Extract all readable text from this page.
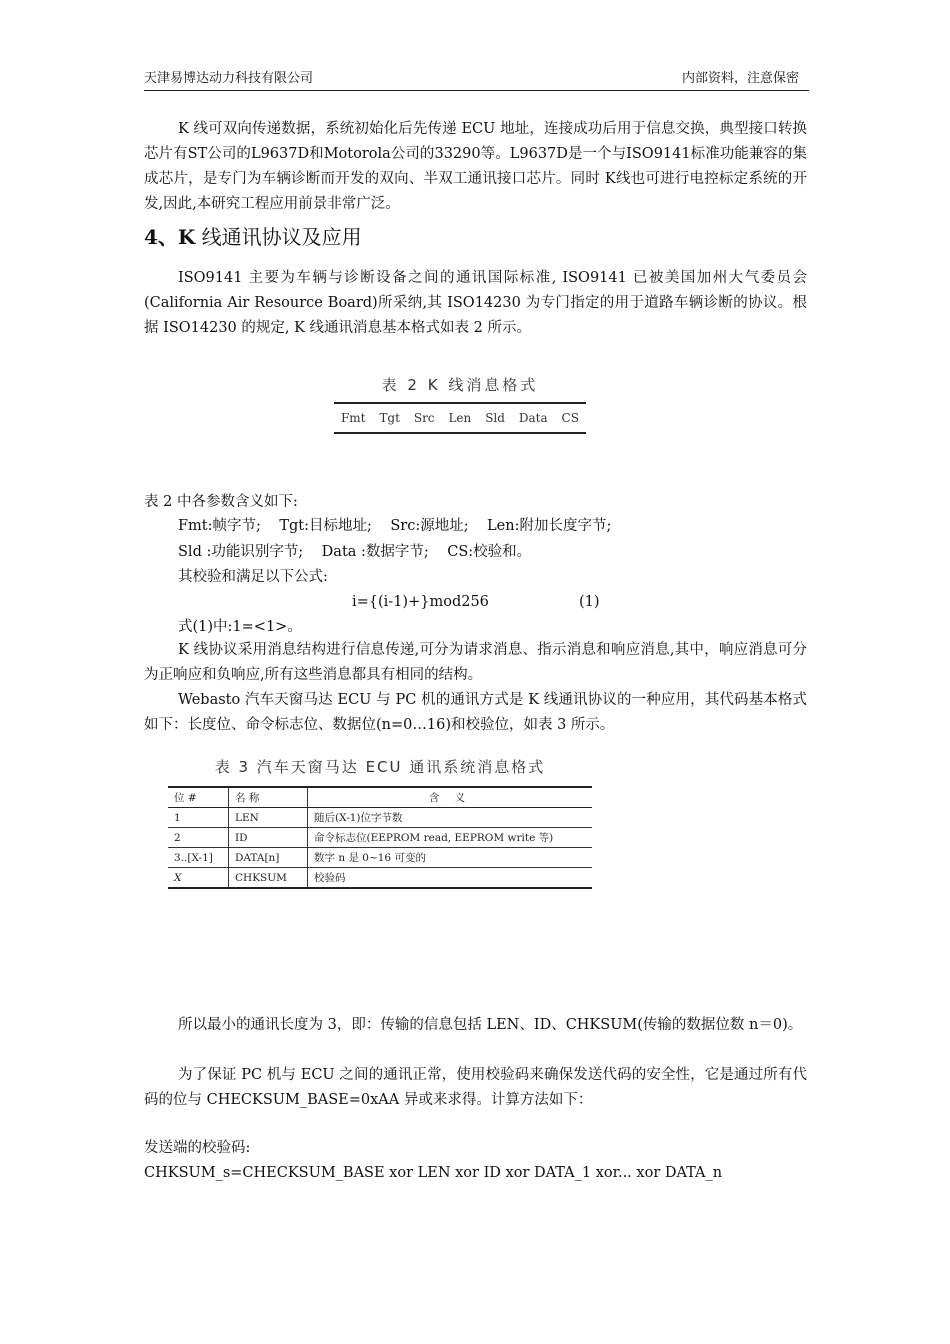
天津易博达动力科技有限公司	内部资料，注意保密

K 线可双向传递数据，系统初始化后先传递 ECU 地址，连接成功后用于信息交换，典型接口转换芯片有ST公司的L9637D和Motorola公司的33290等。L9637D是一个与ISO9141标准功能兼容的集成芯片，是专门为车辆诊断而开发的双向、半双工通讯接口芯片。同时 K线也可进行电控标定系统的开发,因此,本研究工程应用前景非常广泛。

4、K 线通讯协议及应用

ISO9141 主要为车辆与诊断设备之间的通讯国际标准, ISO9141 已被美国加州大气委员会(California Air Resource Board)所采纳,其 ISO14230 为专门指定的用于道路车辆诊断的协议。根据 ISO14230 的规定, K 线通讯消息基本格式如表 2 所示。

表 2 K 线消息格式
Fmt Tgt Src Len Sld Data CS
表 2 中各参数含义如下:
Fmt:帧字节;    Tgt:目标地址;    Src:源地址;    Len:附加长度字节;
Sld :功能识别字节;    Data :数据字节;    CS:校验和。
其校验和满足以下公式:
i={(i-1)+}mod256	(1)
式(1)中:1=<1>。

K 线协议采用消息结构进行信息传递,可分为请求消息、指示消息和响应消息,其中，响应消息可分为正响应和负响应,所有这些消息都具有相同的结构。

Webasto 汽车天窗马达 ECU 与 PC 机的通讯方式是 K 线通讯协议的一种应用，其代码基本格式如下：长度位、命令标志位、数据位(n=0…16)和校验位，如表 3 所示。

表 3 汽车天窗马达 ECU 通讯系统消息格式
位 #	名 称	含 义
1	LEN	随后(X-1)位字节数
2	ID	命令标志位(EEPROM read, EEPROM write 等)
3..[X-1]	DATA[n]	数字 n 是 0~16 可变的
X	CHKSUM	校验码

所以最小的通讯长度为 3，即：传输的信息包括 LEN、ID、CHKSUM(传输的数据位数 n＝0)。

为了保证 PC 机与 ECU 之间的通讯正常，使用校验码来确保发送代码的安全性，它是通过所有代码的位与 CHECKSUM_BASE=0xAA 异或来求得。计算方法如下：

发送端的校验码:
CHKSUM_s=CHECKSUM_BASE xor LEN xor ID xor DATA_1 xor... xor DATA_n
